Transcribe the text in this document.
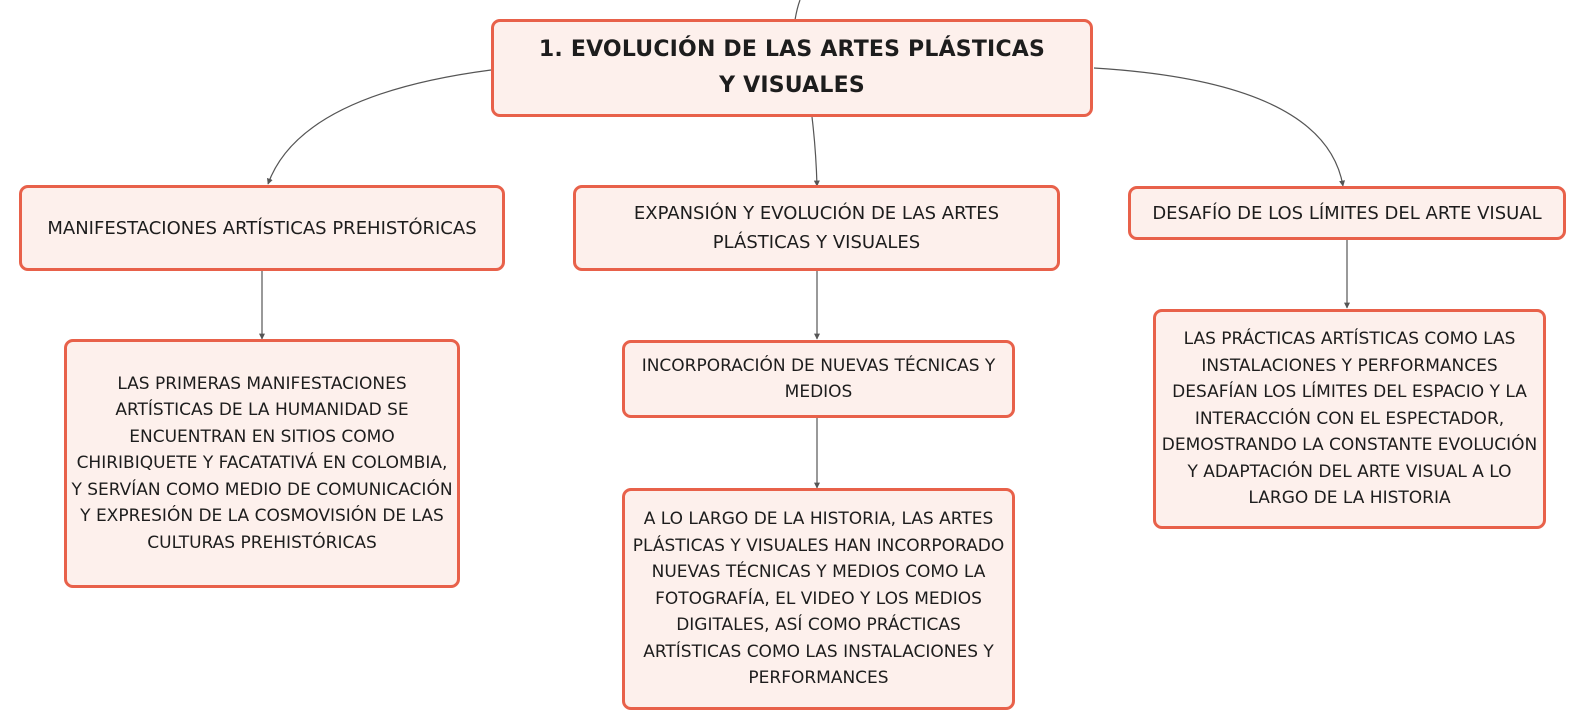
1. EVOLUCIÓN DE LAS ARTES PLÁSTICAS Y VISUALES
MANIFESTACIONES ARTÍSTICAS PREHISTÓRICAS
EXPANSIÓN Y EVOLUCIÓN DE LAS ARTES PLÁSTICAS Y VISUALES
DESAFÍO DE LOS LÍMITES DEL ARTE VISUAL
LAS PRIMERAS MANIFESTACIONES ARTÍSTICAS DE LA HUMANIDAD SE ENCUENTRAN EN SITIOS COMO CHIRIBIQUETE Y FACATATIVÁ EN COLOMBIA, Y SERVÍAN COMO MEDIO DE COMUNICACIÓN Y EXPRESIÓN DE LA COSMOVISIÓN DE LAS CULTURAS PREHISTÓRICAS
INCORPORACIÓN DE NUEVAS TÉCNICAS Y MEDIOS
A LO LARGO DE LA HISTORIA, LAS ARTES PLÁSTICAS Y VISUALES HAN INCORPORADO NUEVAS TÉCNICAS Y MEDIOS COMO LA FOTOGRAFÍA, EL VIDEO Y LOS MEDIOS DIGITALES, ASÍ COMO PRÁCTICAS ARTÍSTICAS COMO LAS INSTALACIONES Y PERFORMANCES
LAS PRÁCTICAS ARTÍSTICAS COMO LAS INSTALACIONES Y PERFORMANCES DESAFÍAN LOS LÍMITES DEL ESPACIO Y LA INTERACCIÓN CON EL ESPECTADOR, DEMOSTRANDO LA CONSTANTE EVOLUCIÓN Y ADAPTACIÓN DEL ARTE VISUAL A LO LARGO DE LA HISTORIA
